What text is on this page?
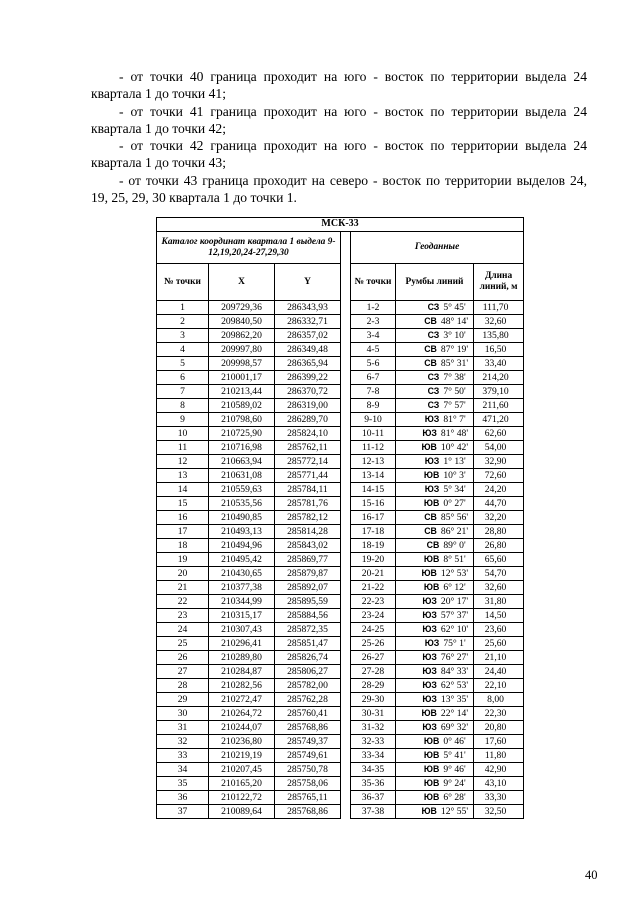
- от точки 40 граница проходит на юго - восток по территории выдела 24 квартала 1 до точки 41;

- от точки 41 граница проходит на юго - восток по территории выдела 24 квартала 1 до точки 42;

- от точки 42 граница проходит на юго - восток по территории выдела 24 квартала 1 до точки 43;

- от точки 43 граница проходит на северо - восток по территории выделов 24, 19, 25, 29, 30 квартала 1 до точки 1.

МСК-33						
Каталог координат квартала 1 выдела 9-12,19,20,24-27,29,30				Геоданные		
№ точки	X	Y		№ точки	Румбы линий	Длина линий, м
1	209729,36	286343,93		1-2	СЗ 5° 45'	111,70
2	209840,50	286332,71		2-3	СВ 48° 14'	32,60
3	209862,20	286357,02		3-4	СЗ 3° 10'	135,80
4	209997,80	286349,48		4-5	СВ 87° 19'	16,50
5	209998,57	286365,94		5-6	СВ 85° 31'	33,40
6	210001,17	286399,22		6-7	СЗ 7° 38'	214,20
7	210213,44	286370,72		7-8	СЗ 7° 50'	379,10
8	210589,02	286319,00		8-9	СЗ 7° 57'	211,60
9	210798,60	286289,70		9-10	ЮЗ 81° 7'	471,20
10	210725,90	285824,10		10-11	ЮЗ 81° 48'	62,60
11	210716,98	285762,11		11-12	ЮВ 10° 42'	54,00
12	210663,94	285772,14		12-13	ЮЗ 1° 13'	32,90
13	210631,08	285771,44		13-14	ЮВ 10° 3'	72,60
14	210559,63	285784,11		14-15	ЮЗ 5° 34'	24,20
15	210535,56	285781,76		15-16	ЮВ 0° 27'	44,70
16	210490,85	285782,12		16-17	СВ 85° 56'	32,20
17	210493,13	285814,28		17-18	СВ 86° 21'	28,80
18	210494,96	285843,02		18-19	СВ 89° 0'	26,80
19	210495,42	285869,77		19-20	ЮВ 8° 51'	65,60
20	210430,65	285879,87		20-21	ЮВ 12° 53'	54,70
21	210377,38	285892,07		21-22	ЮВ 6° 12'	32,60
22	210344,99	285895,59		22-23	ЮЗ 20° 17'	31,80
23	210315,17	285884,56		23-24	ЮЗ 57° 37'	14,50
24	210307,43	285872,35		24-25	ЮЗ 62° 10'	23,60
25	210296,41	285851,47		25-26	ЮЗ 75° 1'	25,60
26	210289,80	285826,74		26-27	ЮЗ 76° 27'	21,10
27	210284,87	285806,27		27-28	ЮЗ 84° 33'	24,40
28	210282,56	285782,00		28-29	ЮЗ 62° 53'	22,10
29	210272,47	285762,28		29-30	ЮЗ 13° 35'	8,00
30	210264,72	285760,41		30-31	ЮВ 22° 14'	22,30
31	210244,07	285768,86		31-32	ЮЗ 69° 32'	20,80
32	210236,80	285749,37		32-33	ЮВ 0° 46'	17,60
33	210219,19	285749,61		33-34	ЮВ 5° 41'	11,80
34	210207,45	285750,78		34-35	ЮВ 9° 46'	42,90
35	210165,20	285758,06		35-36	ЮВ 9° 24'	43,10
36	210122,72	285765,11		36-37	ЮВ 6° 28'	33,30
37	210089,64	285768,86		37-38	ЮВ 12° 55'	32,50
40
